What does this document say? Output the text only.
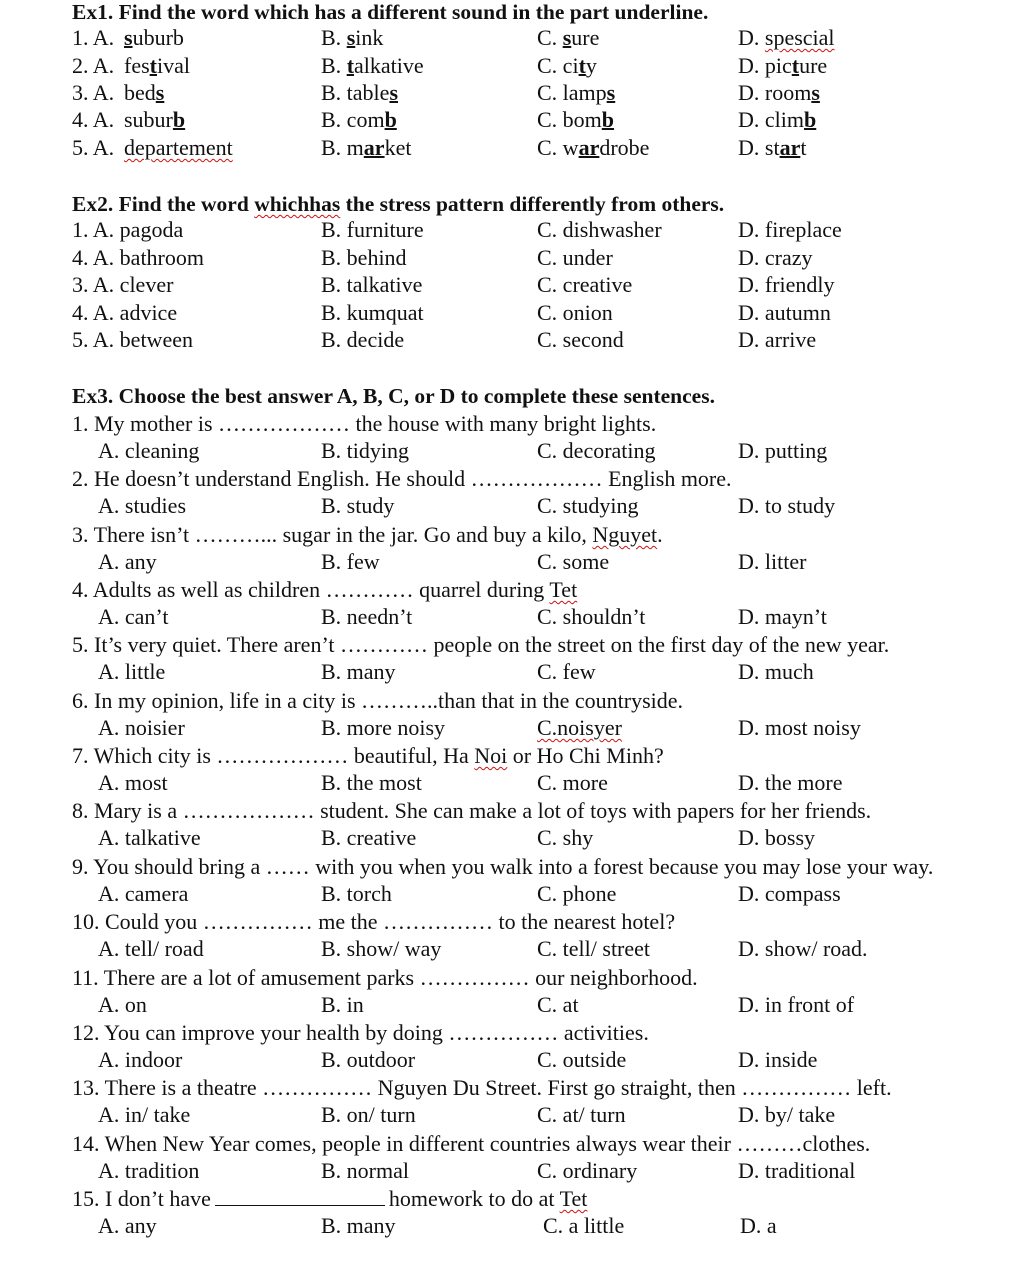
Ex1. Find the word which has a different sound in the part underline.
Ex2. Find the word whichhas the stress pattern differently from others.
Ex3. Choose the best answer A, B, C, or D to complete these sentences.
1. A. suburb	B. sink	C. sure	D. spescial
2. A. festival	B. talkative	C. city	D. picture
3. A. beds	B. tables	C. lamps	D. rooms
4. A. suburb	B. comb	C. bomb	D. climb
5. A. departement	B. market	C. wardrobe	D. start
1. A. pagoda	B. furniture	C. dishwasher	D. fireplace
4. A. bathroom	B. behind	C. under	D. crazy
3. A. clever	B. talkative	C. creative	D. friendly
4. A. advice	B. kumquat	C. onion	D. autumn
5. A. between	B. decide	C. second	D. arrive
1. My mother is ……………… the house with many bright lights.
A. cleaning	B. tidying	C. decorating	D. putting
2. He doesn’t understand English. He should ……………… English more.
A. studies	B. study	C. studying	D. to study
3. There isn’t ………... sugar in the jar. Go and buy a kilo, Nguyet.
A. any	B. few	C. some	D. litter
4. Adults as well as children ………… quarrel during Tet
A. can’t	B. needn’t	C. shouldn’t	D. mayn’t
5. It’s very quiet. There aren’t ………… people on the street on the first day of the new year.
A. little	B. many	C. few	D. much
6. In my opinion, life in a city is ………..than that in the countryside.
A. noisier	B. more noisy	C.noisyer	D. most noisy
7. Which city is ……………… beautiful, Ha Noi or Ho Chi Minh?
A. most	B. the most	C. more	D. the more
8. Mary is a ……………… student. She can make a lot of toys with papers for her friends.
A. talkative	B. creative	C. shy	D. bossy
9. You should bring a …… with you when you walk into a forest because you may lose your way.
A. camera	B. torch	C. phone	D. compass
10. Could you …………… me the …………… to the nearest hotel?
A. tell/ road	B. show/ way	C. tell/ street	D. show/ road.
11. There are a lot of amusement parks …………… our neighborhood.
A. on	B. in	C. at	D. in front of
12. You can improve your health by doing …………… activities.
A. indoor	B. outdoor	C. outside	D. inside
13. There is a theatre …………… Nguyen Du Street. First go straight, then …………… left.
A. in/ take	B. on/ turn	C. at/ turn	D. by/ take
14. When New Year comes, people in different countries always wear their ………clothes.
A. tradition	B. normal	C. ordinary	D. traditional
15. I don’t have	homework to do at Tet
A. any	B. many	C. a little	D. a
